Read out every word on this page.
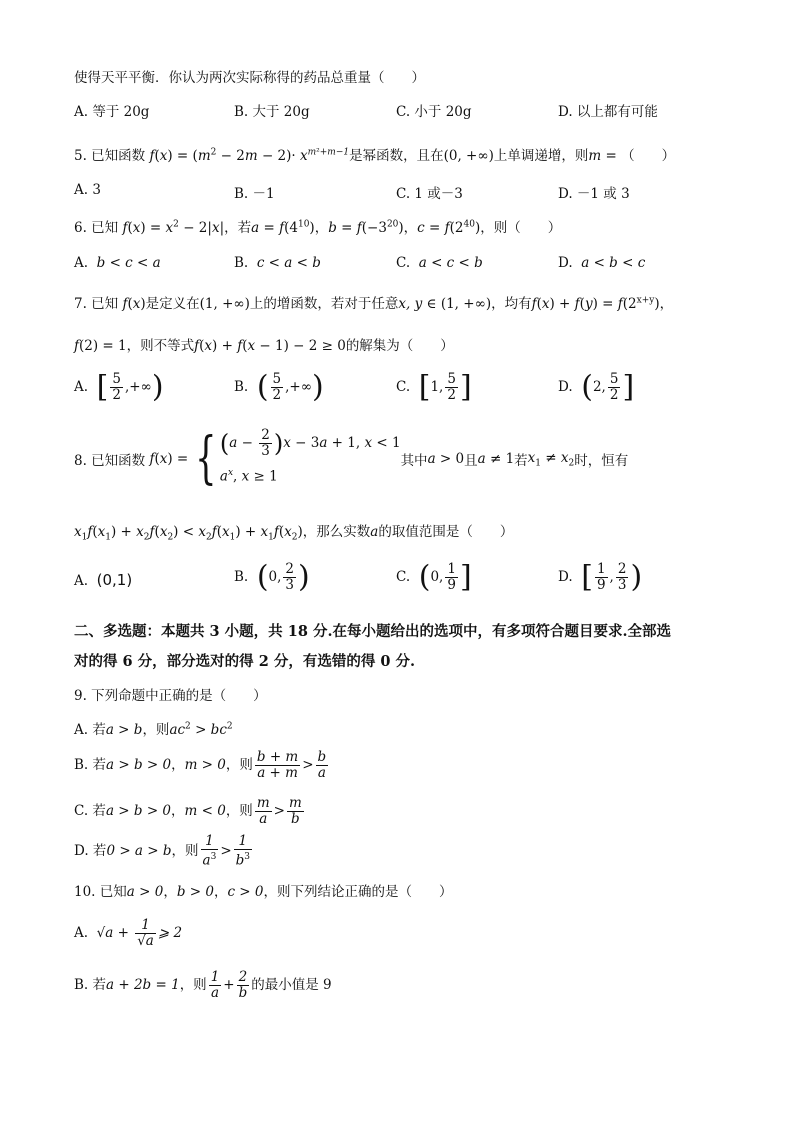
使得天平平衡．你认为两次实际称得的药品总重量（　　）
A. 等于 20g	B. 大于 20g	C. 小于 20g	D. 以上都有可能
5. 已知函数 $f(x) = (m^2 - 2m - 2)\cdot x^{m^2+m-1}$是幂函数，且在(0, +∞)上单调递增，则m = （　　）
A. 3	B. －1	C. 1 或－3	D. －1 或 3
6. 已知 $f(x) = x^2 - 2|x|$，若$a = f(4^{10})$，$b = f(-3^{20})$，$c = f(2^{40})$，则（　　）
A. b < c < a	B. c < a < b	C. a < c < b	D. a < b < c
7. 已知 f(x)是定义在(1, +∞)上的增函数，若对于任意x, y ∈ (1, +∞)，均有$f(x) + f(y) = f(2^{x+y})$，
f(2) = 1，则不等式f(x) + f(x − 1) − 2 ≥ 0的解集为（　　）
A. [ $\frac{5}{2}$ ,+∞)	B. ( $\frac{5}{2}$ ,+∞)	C. [1, $\frac{5}{2}$ ]	D. (2, $\frac{5}{2}$ ]
8. 已知函数 f(x) ={ $(a - \frac{2}{3} )x - 3a + 1$, x < 1
$a^x$, x ≥ 1
其中a > 0且a ≠ 1若$x_1 \ne x_2$时，恒有
$x_1f(x_1) + x_2f(x_2) < x_2f(x_1) + x_1f(x_2)$，那么实数a的取值范围是（　　）
A. (0,1)	B. (0, $\frac{2}{3}$ )	C. (0, $\frac{1}{9}$ ]	D. [ $\frac{1}{9}$ , $\frac{2}{3}$ )
二、多选题：本题共 3 小题，共 18 分.在每小题给出的选项中，有多项符合题目要求.全部选
对的得 6 分，部分选对的得 2 分，有选错的得 0 分.
9. 下列命题中正确的是（　　）
A. 若a > b，则$ac^2 > bc^2$
B. 若a > b > 0，m > 0，则 $\frac{b + m}{a + m} > \frac{b}{a}$
C. 若a > b > 0，m < 0，则 $\frac{m}{a} > \frac{m}{b}$
D. 若0 > a > b，则 $\frac{1}{a^3} > \frac{1}{b^3}$
10. 已知a > 0，b > 0，c > 0，则下列结论正确的是（　　）
A. $√a + \frac{1}{√a}$ ⩾ 2
B. 若a + 2b = 1，则 $\frac{1}{a} + \frac{2}{b}$ 的最小值是 9
